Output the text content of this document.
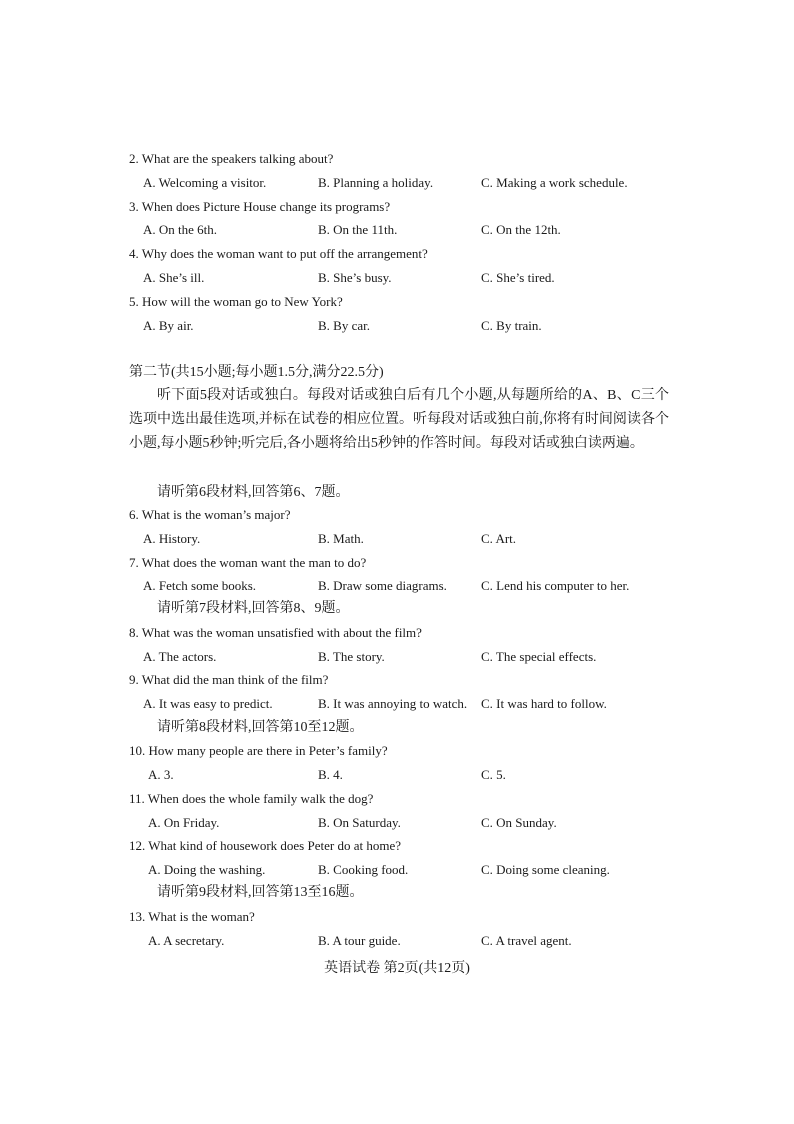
2. What are the speakers talking about?
A. Welcoming a visitor.	B. Planning a holiday.	C. Making a work schedule.
3. When does Picture House change its programs?
A. On the 6th.	B. On the 11th.	C. On the 12th.
4. Why does the woman want to put off the arrangement?
A. She’s ill.	B. She’s busy.	C. She’s tired.
5. How will the woman go to New York?
A. By air.	B. By car.	C. By train.
第二节(共15小题;每小题1.5分,满分22.5分)
听下面5段对话或独白。每段对话或独白后有几个小题,从每题所给的A、B、C三个选项中选出最佳选项,并标在试卷的相应位置。听每段对话或独白前,你将有时间阅读各个小题,每小题5秒钟;听完后,各小题将给出5秒钟的作答时间。每段对话或独白读两遍。
请听第6段材料,回答第6、7题。
6. What is the woman’s major?
A. History.	B. Math.	C. Art.
7. What does the woman want the man to do?
A. Fetch some books.	B. Draw some diagrams.	C. Lend his computer to her.
请听第7段材料,回答第8、9题。
8. What was the woman unsatisfied with about the film?
A. The actors.	B. The story.	C. The special effects.
9. What did the man think of the film?
A. It was easy to predict.	B. It was annoying to watch. C. It was hard to follow.
请听第8段材料,回答第10至12题。
10. How many people are there in Peter’s family?
A. 3.	B. 4.	C. 5.
11. When does the whole family walk the dog?
A. On Friday.	B. On Saturday.	C. On Sunday.
12. What kind of housework does Peter do at home?
A. Doing the washing.	B. Cooking food.	C. Doing some cleaning.
请听第9段材料,回答第13至16题。
13. What is the woman?
A. A secretary.	B. A tour guide.	C. A travel agent.
英语试卷 第2页(共12页)
